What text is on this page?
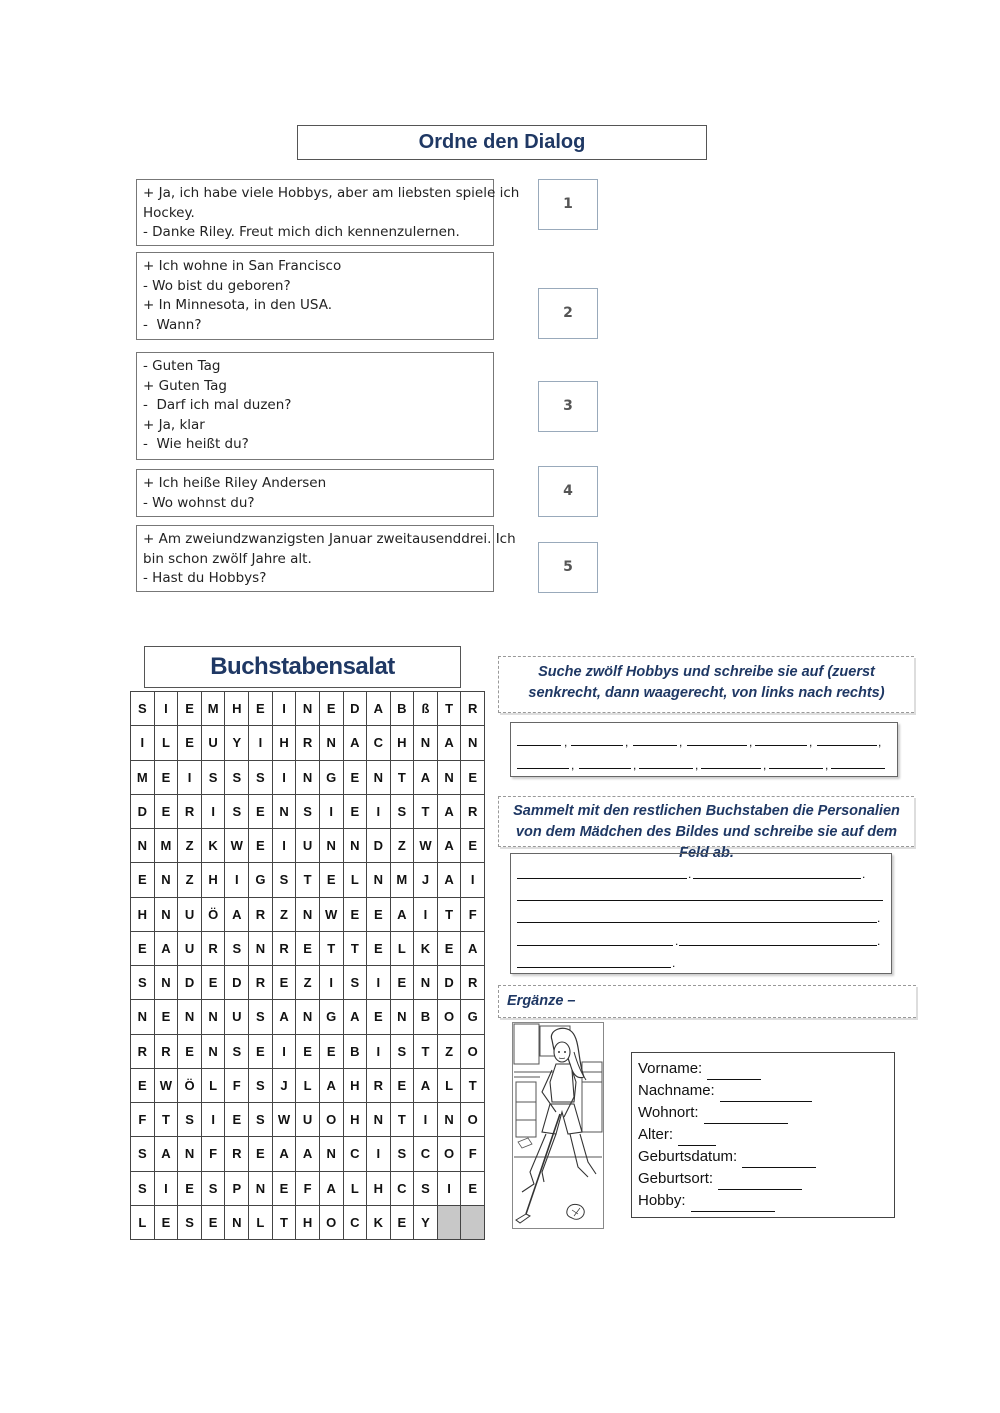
Ordne den Dialog
+ Ja, ich habe viele Hobbys, aber am liebsten spiele ich
Hockey.
- Danke Riley. Freut mich dich kennenzulernen.
+ Ich wohne in San Francisco
- Wo bist du geboren?
+ In Minnesota, in den USA.
-  Wann?
- Guten Tag
+ Guten Tag
-  Darf ich mal duzen?
+ Ja, klar
-  Wie heißt du?
+ Ich heiße Riley Andersen
- Wo wohnst du?
+ Am zweiundzwanzigsten Januar zweitausenddrei. Ich
bin schon zwölf Jahre alt.
- Hast du Hobbys?
1
2
3
4
5
Buchstabensalat
S	I	E	M	H	E	I	N	E	D	A	B	ß	T	R
I	L	E	U	Y	I	H	R	N	A	C	H	N	A	N
M	E	I	S	S	S	I	N	G	E	N	T	A	N	E
D	E	R	I	S	E	N	S	I	E	I	S	T	A	R
N	M	Z	K	W	E	I	U	N	N	D	Z	W	A	E
E	N	Z	H	I	G	S	T	E	L	N	M	J	A	I
H	N	U	Ö	A	R	Z	N	W	E	E	A	I	T	F
E	A	U	R	S	N	R	E	T	T	E	L	K	E	A
S	N	D	E	D	R	E	Z	I	S	I	E	N	D	R
N	E	N	N	U	S	A	N	G	A	E	N	B	O	G
R	R	E	N	S	E	I	E	E	B	I	S	T	Z	O
E	W	Ö	L	F	S	J	L	A	H	R	E	A	L	T
F	T	S	I	E	S	W	U	O	H	N	T	I	N	O
S	A	N	F	R	E	A	A	N	C	I	S	C	O	F
S	I	E	S	P	N	E	F	A	L	H	C	S	I	E
L	E	S	E	N	L	T	H	O	C	K	E	Y		
Suche zwölf Hobbys und schreibe sie auf (zuerst senkrecht, dann waagerecht, von links nach rechts)
,	,	,	,	,	,
,	,	,	,	,
Sammelt mit den restlichen Buchstaben die Personalien von dem Mädchen des Bildes und schreibe sie auf dem Feld ab.
.	.
.
.	.
.
Ergänze –
Vorname:
Nachname:
Wohnort:
Alter:
Geburtsdatum:
Geburtsort:
Hobby:
